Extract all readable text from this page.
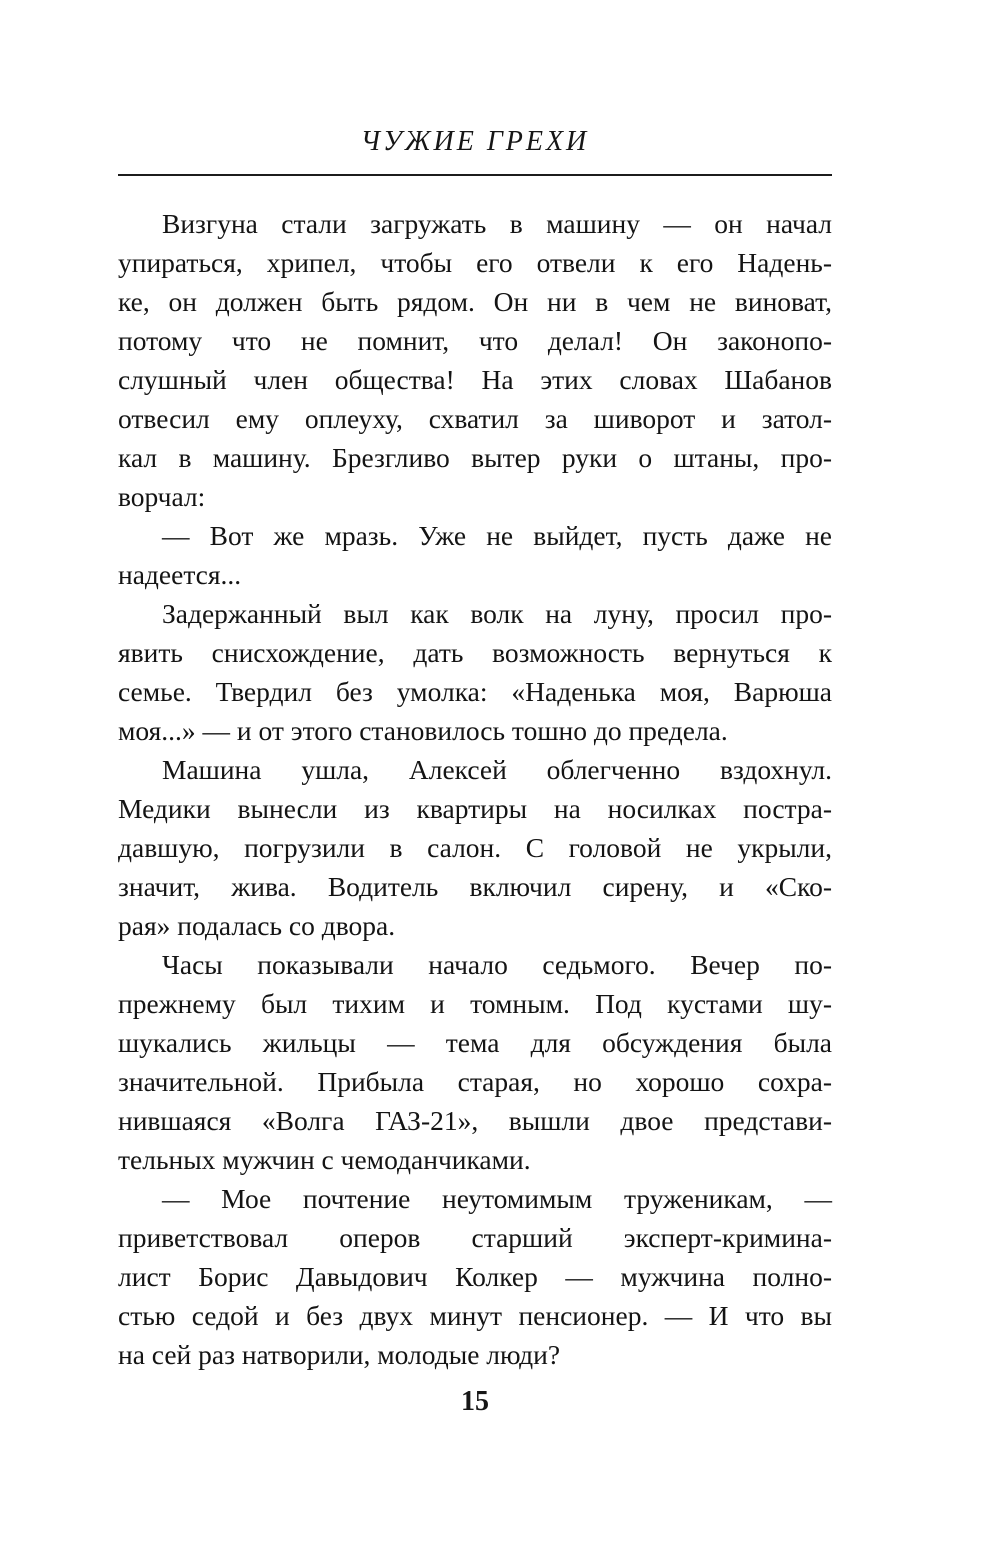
ЧУЖИЕ ГРЕХИ
Визгуна стали загружать в машину — он начал
упираться, хрипел, чтобы его отвели к его Надень-
ке, он должен быть рядом. Он ни в чем не виноват,
потому что не помнит, что делал! Он законопо-
слушный член общества! На этих словах Шабанов
отвесил ему оплеуху, схватил за шиворот и затол-
кал в машину. Брезгливо вытер руки о штаны, про-
ворчал:
— Вот же мразь. Уже не выйдет, пусть даже не
надеется...
Задержанный выл как волк на луну, просил про-
явить снисхождение, дать возможность вернуться к
семье. Твердил без умолка: «Наденька моя, Варюша
моя...» — и от этого становилось тошно до предела.
Машина ушла, Алексей облегченно вздохнул.
Медики вынесли из квартиры на носилках постра-
давшую, погрузили в салон. С головой не укрыли,
значит, жива. Водитель включил сирену, и «Ско-
рая» подалась со двора.
Часы показывали начало седьмого. Вечер по-
прежнему был тихим и томным. Под кустами шу-
шукались жильцы — тема для обсуждения была
значительной. Прибыла старая, но хорошо сохра-
нившаяся «Волга ГАЗ-21», вышли двое представи-
тельных мужчин с чемоданчиками.
— Мое почтение неутомимым труженикам, —
приветствовал оперов старший эксперт-кримина-
лист Борис Давыдович Колкер — мужчина полно-
стью седой и без двух минут пенсионер. — И что вы
на сей раз натворили, молодые люди?
15
